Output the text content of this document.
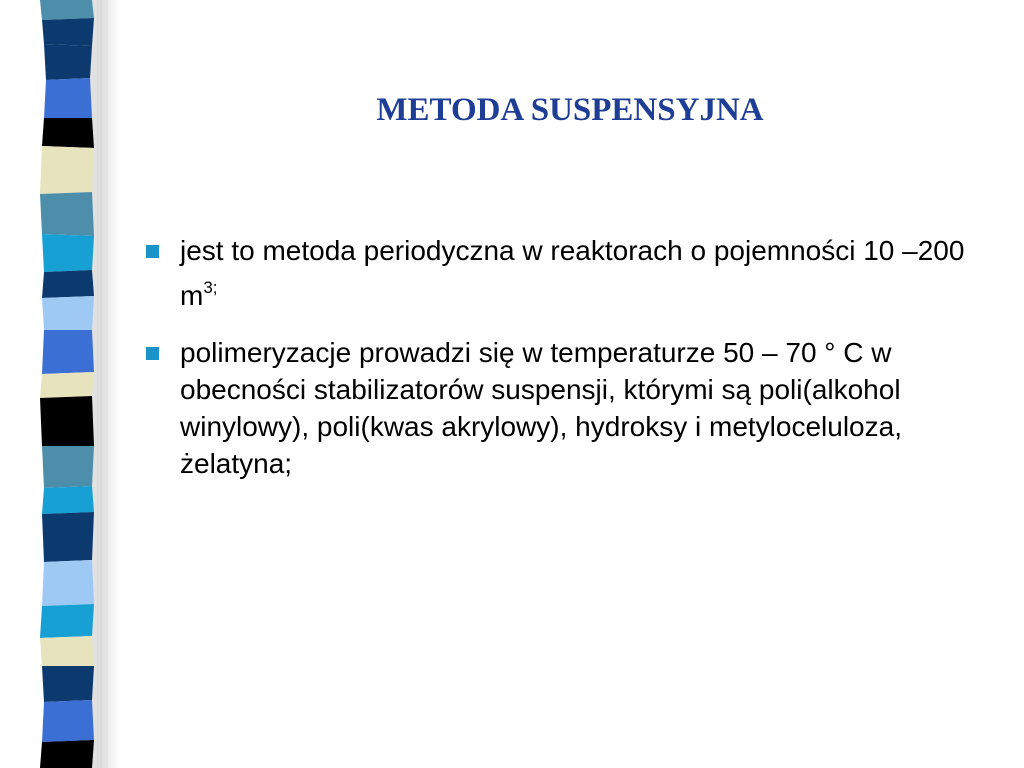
METODA SUSPENSYJNA
jest to metoda periodyczna w reaktorach o pojemności 10 –200 $m^{3;}$
polimeryzacje prowadzi się w temperaturze 50 – 70 ° C w obecności stabilizatorów suspensji, którymi są poli(alkohol winylowy), poli(kwas akrylowy), hydroksy i metyloceluloza, żelatyna;
